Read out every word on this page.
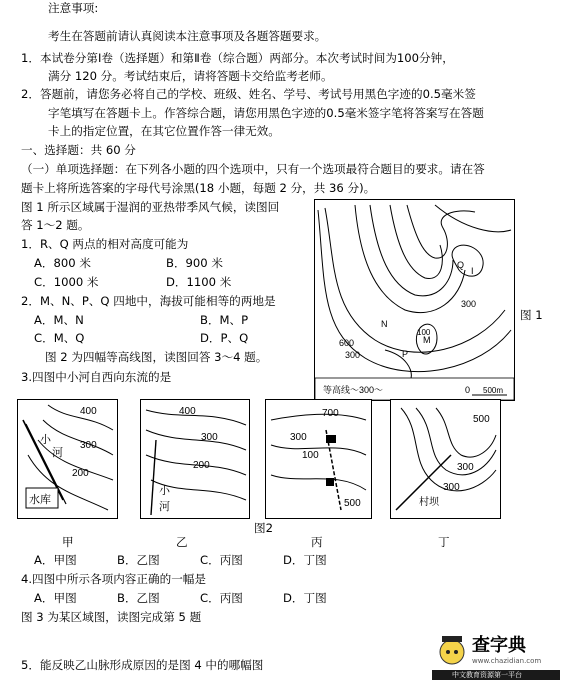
注意事项:
考生在答题前请认真阅读本注意事项及各题答题要求。
1．本试卷分第Ⅰ卷（选择题）和第Ⅱ卷（综合题）两部分。本次考试时间为100分钟，
满分 120 分。考试结束后，请将答题卡交给监考老师。
2．答题前，请您务必将自己的学校、班级、姓名、学号、考试号用黑色字迹的0.5毫米签
字笔填写在答题卡上。作答综合题，请您用黑色字迹的0.5毫米签字笔将答案写在答题
卡上的指定位置，在其它位置作答一律无效。
一、选择题：共 60 分
（一）单项选择题：在下列各小题的四个选项中，只有一个选项最符合题目的要求。请在答
题卡上将所选答案的字母代号涂黑(18 小题，每题 2 分，共 36 分)。
图 1 所示区域属于湿润的亚热带季风气候，读图回
答 1～2 题。
1．R、Q 两点的相对高度可能为
A．800 米	B．900 米
C．1000 米	D．1100 米
2．M、N、P、Q 四地中，海拔可能相等的两地是
A．M、N	B．M、P
C．M、Q	D．P、Q
图 2 为四幅等高线图，读图回答 3～4 题。
3.四图中小河自西向东流的是
等高线～300～	0 500m
Q
I
N
M
P
300
600
300
100
图 1
400
300
200
小
河
水库
400
300
200
小
河
700
300
100
500
500
300
300
村坝
图2
甲	乙	丙	丁
A．甲图	B．乙图	C．丙图	D．丁图
4.四图中所示各项内容正确的一幅是
A．甲图	B．乙图	C．丙图	D．丁图
图 3 为某区域图，读图完成第 5 题
5．能反映乙山脉形成原因的是图 4 中的哪幅图
查字典
www.chazidian.com
中文教育资源第一平台
